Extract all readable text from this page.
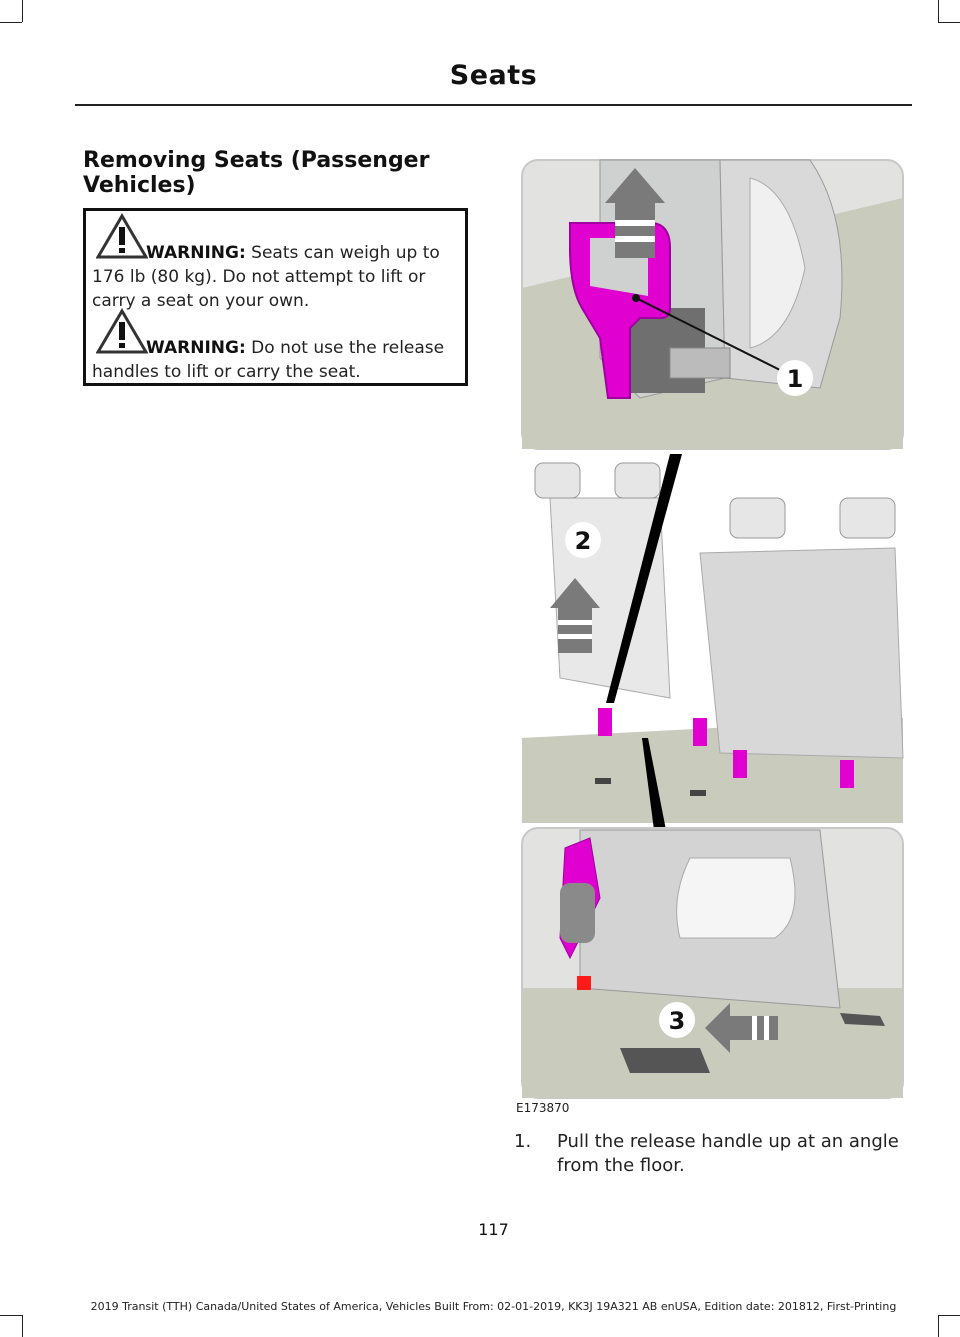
Seats
Removing Seats (Passenger Vehicles)
WARNING: Seats can weigh up to 176 lb (80 kg). Do not attempt to lift or carry a seat on your own.
WARNING: Do not use the release handles to lift or carry the seat.	1
2
3
E173870
1. Pull the release handle up at an angle from the floor.
117
2019 Transit (TTH) Canada/United States of America, Vehicles Built From: 02-01-2019, KK3J 19A321 AB enUSA, Edition date: 201812, First-Printing
